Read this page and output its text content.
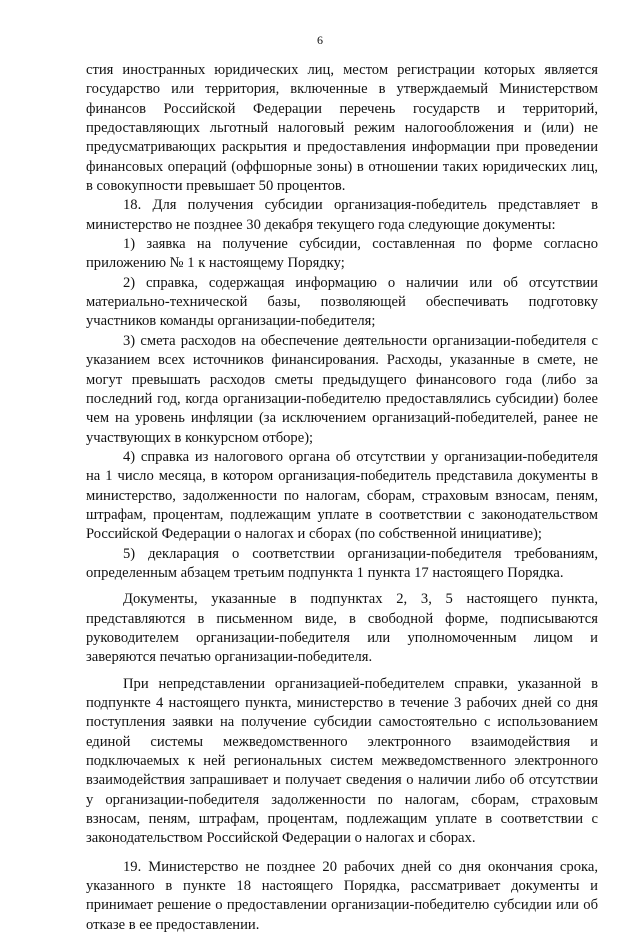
6

стия иностранных юридических лиц, местом регистрации которых является государство или территория, включенные в утверждаемый Министерством финансов Российской Федерации перечень государств и территорий, предоставляющих льготный налоговый режим налогообложения и (или) не предусматривающих раскрытия и предоставления информации при проведении финансовых операций (оффшорные зоны) в отношении таких юридических лиц, в совокупности превышает 50 процентов.

18. Для получения субсидии организация-победитель представляет в министерство не позднее 30 декабря текущего года следующие документы:

1) заявка на получение субсидии, составленная по форме согласно приложению № 1 к настоящему Порядку;

2) справка, содержащая информацию о наличии или об отсутствии материально-технической базы, позволяющей обеспечивать подготовку участников команды организации-победителя;

3) смета расходов на обеспечение деятельности организации-победителя с указанием всех источников финансирования. Расходы, указанные в смете, не могут превышать расходов сметы предыдущего финансового года (либо за последний год, когда организации-победителю предоставлялись субсидии) более чем на уровень инфляции (за исключением организаций-победителей, ранее не участвующих в конкурсном отборе);

4) справка из налогового органа об отсутствии у организации-победителя на 1 число месяца, в котором организация-победитель представила документы в министерство, задолженности по налогам, сборам, страховым взносам, пеням, штрафам, процентам, подлежащим уплате в соответствии с законодательством Российской Федерации о налогах и сборах (по собственной инициативе);

5) декларация о соответствии организации-победителя требованиям, определенным абзацем третьим подпункта 1 пункта 17 настоящего Порядка.

Документы, указанные в подпунктах 2, 3, 5 настоящего пункта, представляются в письменном виде, в свободной форме, подписываются руководителем организации-победителя или уполномоченным лицом и заверяются печатью организации-победителя.

При непредставлении организацией-победителем справки, указанной в подпункте 4 настоящего пункта, министерство в течение 3 рабочих дней со дня поступления заявки на получение субсидии самостоятельно с использованием единой системы межведомственного электронного взаимодействия и подключаемых к ней региональных систем межведомственного электронного взаимодействия запрашивает и получает сведения о наличии либо об отсутствии у организации-победителя задолженности по налогам, сборам, страховым взносам, пеням, штрафам, процентам, подлежащим уплате в соответствии с законодательством Российской Федерации о налогах и сборах.

19. Министерство не позднее 20 рабочих дней со дня окончания срока, указанного в пункте 18 настоящего Порядка, рассматривает документы и принимает решение о предоставлении организации-победителю субсидии или об отказе в ее предоставлении.
